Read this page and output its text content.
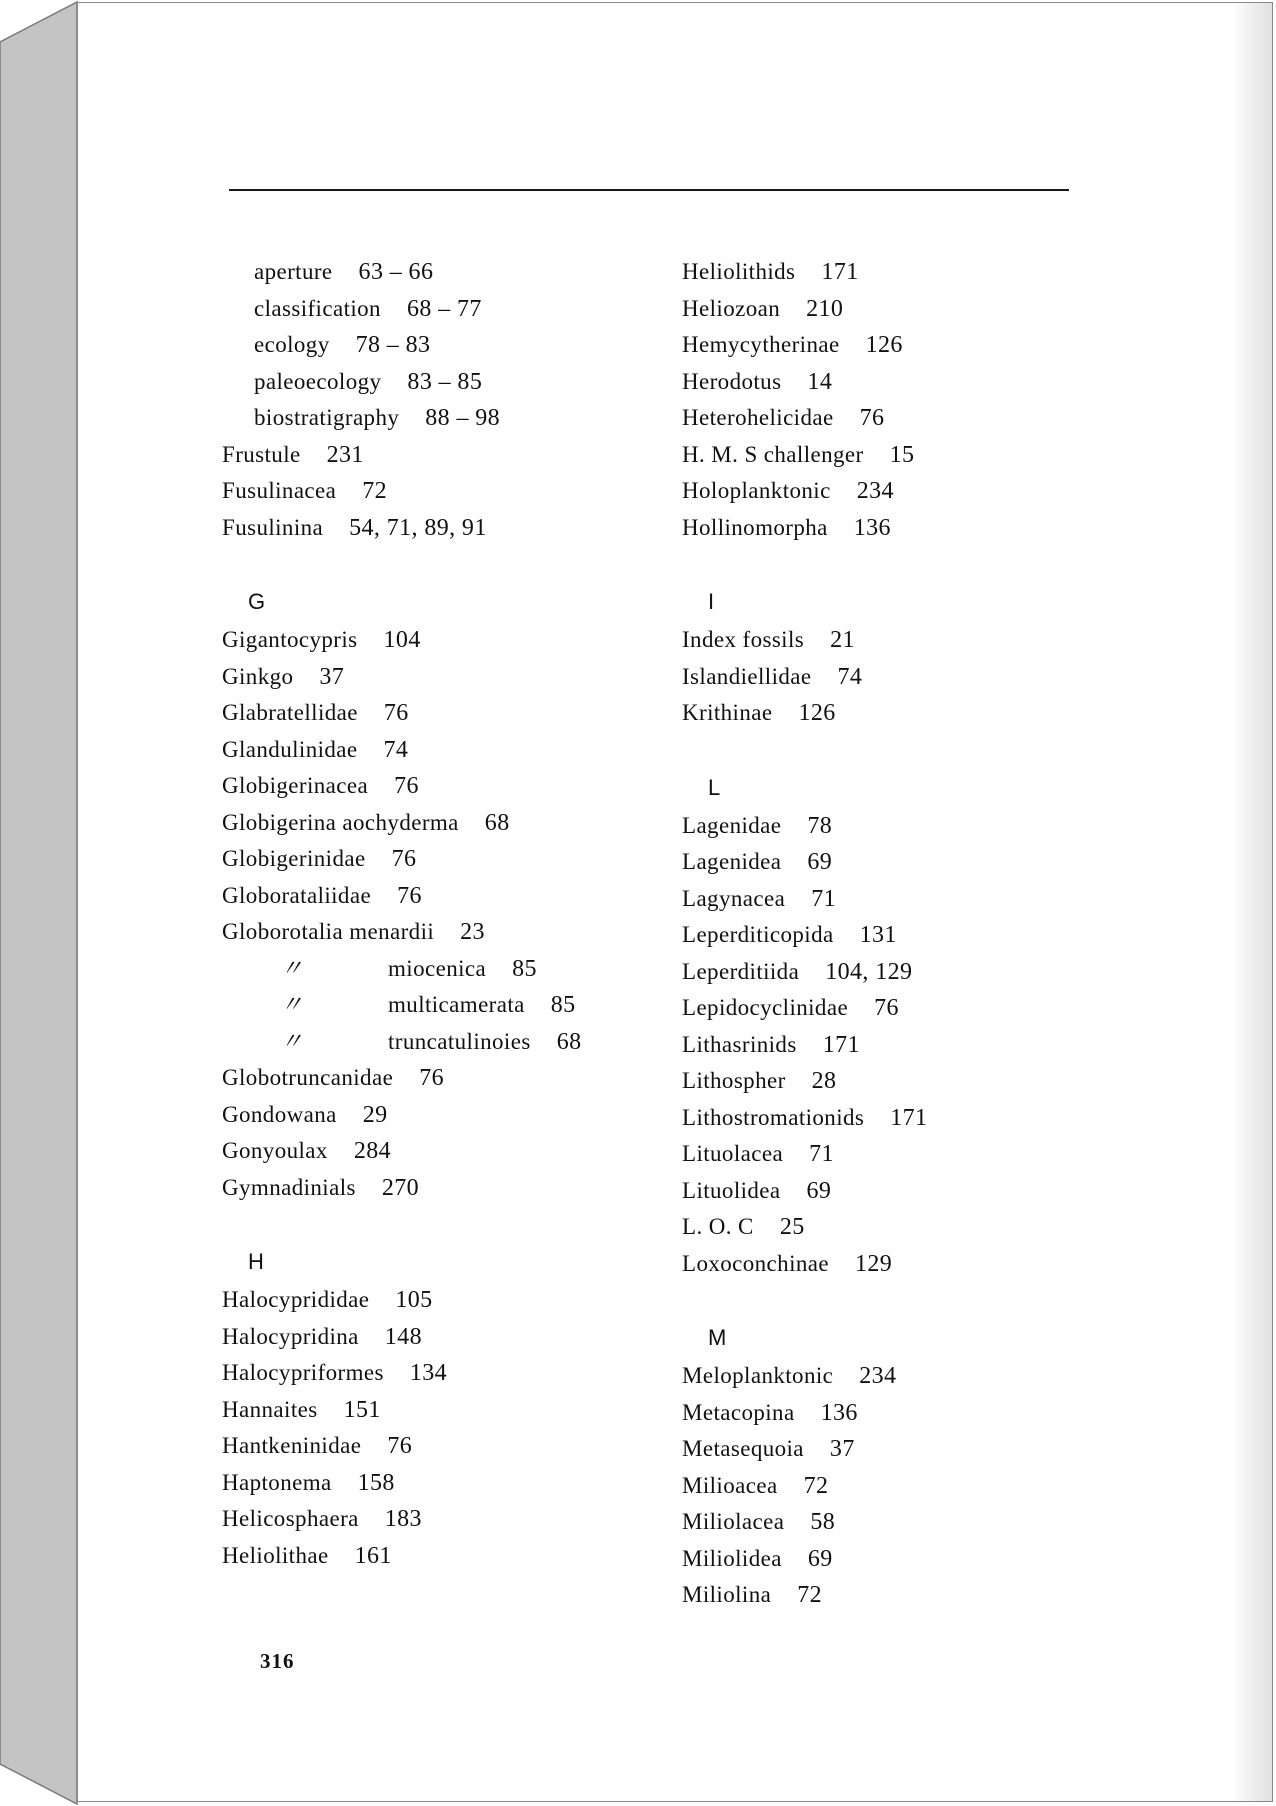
aperture 63 – 66
classification 68 – 77
ecology 78 – 83
paleoecology 83 – 85
biostratigraphy 88 – 98
Frustule 231
Fusulinacea 72
Fusulinina 54, 71, 89, 91
G
Gigantocypris 104
Ginkgo 37
Glabratellidae 76
Glandulinidae 74
Globigerinacea 76
Globigerina aochyderma 68
Globigerinidae 76
Globorataliidae 76
Globorotalia menardii 23
〃	miocenica 85
〃	multicamerata 85
〃	truncatulinoies 68
Globotruncanidae 76
Gondowana 29
Gonyoulax 284
Gymnadinials 270
H
Halocyprididae 105
Halocypridina 148
Halocypriformes 134
Hannaites 151
Hantkeninidae 76
Haptonema 158
Helicosphaera 183
Heliolithae 161
Heliolithids 171
Heliozoan 210
Hemycytherinae 126
Herodotus 14
Heterohelicidae 76
H. M. S challenger 15
Holoplanktonic 234
Hollinomorpha 136
I
Index fossils 21
Islandiellidae 74
Krithinae 126
L
Lagenidae 78
Lagenidea 69
Lagynacea 71
Leperditicopida 131
Leperditiida 104, 129
Lepidocyclinidae 76
Lithasrinids 171
Lithospher 28
Lithostromationids 171
Lituolacea 71
Lituolidea 69
L. O. C 25
Loxoconchinae 129
M
Meloplanktonic 234
Metacopina 136
Metasequoia 37
Milioacea 72
Miliolacea 58
Miliolidea 69
Miliolina 72
316
